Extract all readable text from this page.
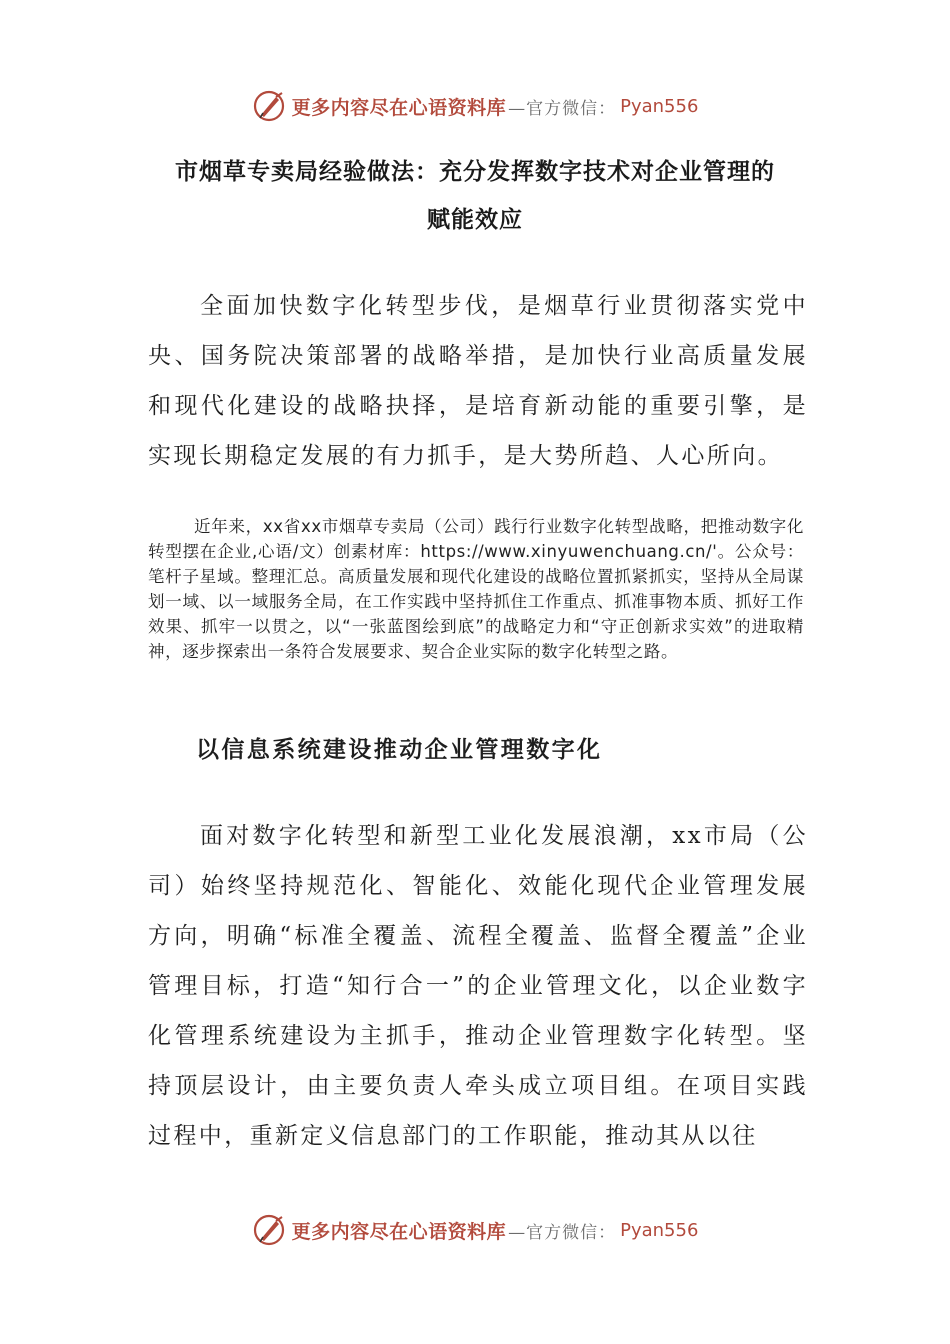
更多内容尽在心语资料库 —官方微信： Pyan556
市烟草专卖局经验做法：充分发挥数字技术对企业管理的
赋能效应

全面加快数字化转型步伐，是烟草行业贯彻落实党中央、国务院决策部署的战略举措，是加快行业高质量发展和现代化建设的战略抉择，是培育新动能的重要引擎，是实现长期稳定发展的有力抓手，是大势所趋、人心所向。

近年来，xx省xx市烟草专卖局（公司）践行行业数字化转型战略，把推动数字化转型摆在企业,心语/文）创素材库：https://www.xinyuwenchuang.cn/'。公众号：笔杆子星域。整理汇总。高质量发展和现代化建设的战略位置抓紧抓实，坚持从全局谋划一域、以一域服务全局，在工作实践中坚持抓住工作重点、抓准事物本质、抓好工作效果、抓牢一以贯之，以“一张蓝图绘到底”的战略定力和“守正创新求实效”的进取精神，逐步探索出一条符合发展要求、契合企业实际的数字化转型之路。

以信息系统建设推动企业管理数字化

面对数字化转型和新型工业化发展浪潮，xx市局（公司）始终坚持规范化、智能化、效能化现代企业管理发展方向，明确“标准全覆盖、流程全覆盖、监督全覆盖”企业管理目标，打造“知行合一”的企业管理文化，以企业数字化管理系统建设为主抓手，推动企业管理数字化转型。坚持顶层设计，由主要负责人牵头成立项目组。在项目实践过程中，重新定义信息部门的工作职能，推动其从以往

更多内容尽在心语资料库 —官方微信： Pyan556
